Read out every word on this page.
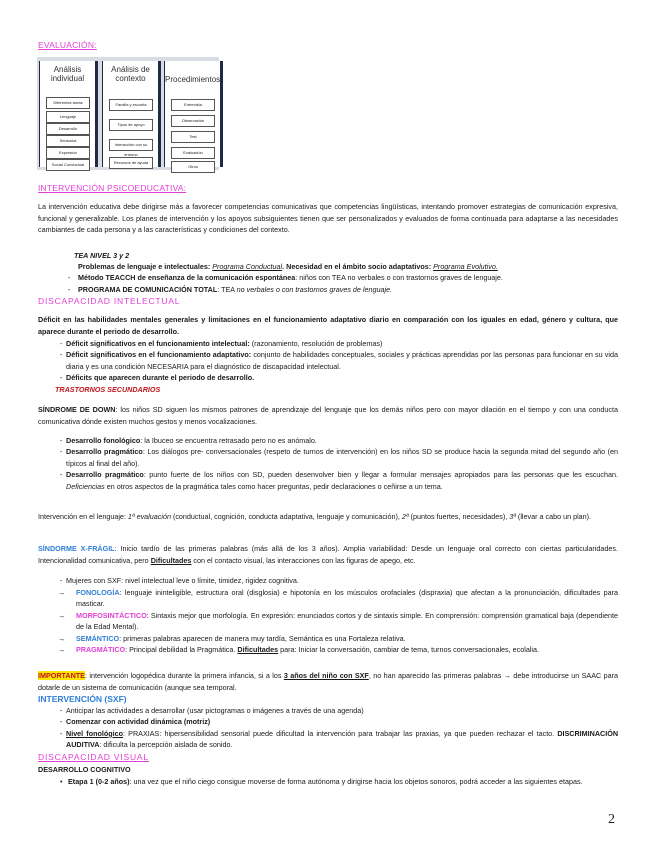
EVALUACIÓN:
Análisis individual
Diferentes áreas
Lenguaje
Desarrollo
Sensorial
Expresión
Social Conductual
Análisis de contexto
Familia y escuela
Tipos de apoyo
Interacción con su entorno
Recursos de ayuda
Procedimientos
Entrevista
Observación
Test
Evaluación
Otros
INTERVENCIÓN PSICOEDUCATIVA:

La intervención educativa debe dirigirse más a favorecer competencias comunicativas que competencias lingüísticas, intentando promover estrategias de comunicación expresiva, funcional y generalizable. Los planes de intervención y los apoyos subsiguientes tienen que ser personalizados y evaluados de forma continuada para adaptarse a las necesidades cambiantes de cada persona y a las características y condiciones del contexto.

TEA NIVEL 3 y 2
Problemas de lenguaje e intelectuales: Programa Conductual. Necesidad en el ámbito socio adaptativos: Programa Evolutivo.
- Método TEACCH de enseñanza de la comunicación espontánea: niños con TEA no verbales o con trastornos graves de lenguaje.
- PROGRAMA DE COMUNICACIÓN TOTAL: TEA no verbales o con trastornos graves de lenguaje.
DISCAPACIDAD INTELECTUAL

Déficit en las habilidades mentales generales y limitaciones en el funcionamiento adaptativo diario en comparación con los iguales en edad, género y cultura, que aparece durante el periodo de desarrollo.

- Déficit significativos en el funcionamiento intelectual: (razonamiento, resolución de problemas)
- Déficit significativos en el funcionamiento adaptativo: conjunto de habilidades conceptuales, sociales y prácticas aprendidas por las personas para funcionar en su vida diaria y es una condición NECESARIA para el diagnóstico de discapacidad intelectual.
- Déficits que aparecen durante el periodo de desarrollo.
TRASTORNOS SECUNDARIOS

SÍNDROME DE DOWN: los niños SD siguen los mismos patrones de aprendizaje del lenguaje que los demás niños pero con mayor dilación en el tiempo y con una conducta comunicativa dónde existen muchos gestos y menos vocalizaciones.

- Desarrollo fonológico: la Ibuceo se encuentra retrasado pero no es anómalo.
- Desarrollo pragmático: Los diálogos pre- conversacionales (respeto de turnos de intervención) en los niños SD se produce hacia la segunda mitad del segundo año (en típicos al final del año).
- Desarrollo pragmático: punto fuerte de los niños con SD, pueden desenvolver bien y llegar a formular mensajes apropiados para las personas que les escuchan. Deficiencias en otros aspectos de la pragmática tales como hacer preguntas, pedir declaraciones o ceñirse a un tema.

Intervención en el lenguaje: 1ª evaluación (conductual, cognición, conducta adaptativa, lenguaje y comunicación), 2ª (puntos fuertes, necesidades), 3ª (llevar a cabo un plan).

SÍNDORME X-FRÁGIL: Inicio tardío de las primeras palabras (más allá de los 3 años). Amplia variabilidad: Desde un lenguaje oral correcto con ciertas particularidades. Intencionalidad comunicativa, pero Dificultades con el contacto visual, las interacciones con las figuras de apego, etc.

- Mujeres con SXF: nivel intelectual leve o límite, timidez, rigidez cognitiva.
→ FONOLOGÍA: lenguaje ininteligible, estructura oral (disglosia) e hipotonía en los músculos orofaciales (dispraxia) que afectan a la pronunciación, dificultades para masticar.
→ MORFOSINTÁCTICO: Sintaxis mejor que morfología. En expresión: enunciados cortos y de sintaxis simple. En comprensión: comprensión gramatical baja (dependiente de la Edad Mental).
→ SEMÁNTICO: primeras palabras aparecen de manera muy tardía, Semántica es una Fortaleza relativa.
→ PRAGMÁTICO: Principal debilidad la Pragmática. Dificultades para: Iniciar la conversación, cambiar de tema, turnos conversacionales, ecolalia.

IMPORTANTE: intervención logopédica durante la primera infancia, si a los 3 años del niño con SXF, no han aparecido las primeras palabras → debe introducirse un SAAC para dotarle de un sistema de comunicación (aunque sea temporal.

INTERVENCIÓN (SXF)
- Anticipar las actividades a desarrollar (usar pictogramas o imágenes a través de una agenda)
- Comenzar con actividad dinámica (motriz)
- Nivel fonológico: PRAXIAS: hipersensibilidad sensorial puede dificultad la intervención para trabajar las praxias, ya que pueden rechazar el tacto. DISCRIMINACIÓN AUDITIVA: dificulta la percepción aislada de sonido.
DISCAPACIDAD VISUAL
DESARROLLO COGNITIVO
• Etapa 1 (0-2 años): una vez que el niño ciego consigue moverse de forma autónoma y dirigirse hacia los objetos sonoros, podrá acceder a las siguientes etapas.
2
